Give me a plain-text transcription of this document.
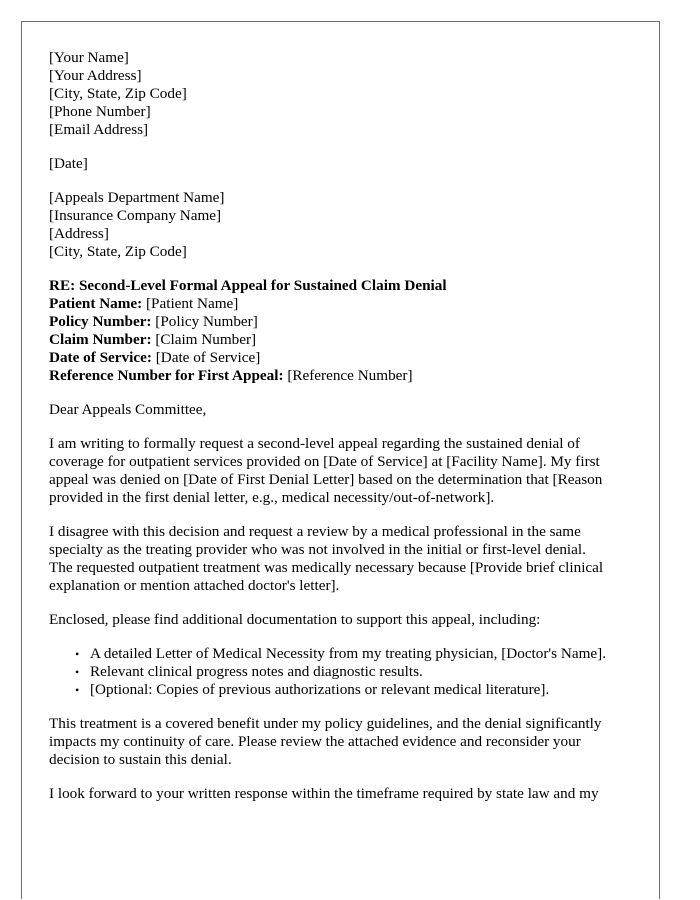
[Your Name]
[Your Address]
[City, State, Zip Code]
[Phone Number]
[Email Address]
[Date]
[Appeals Department Name]
[Insurance Company Name]
[Address]
[City, State, Zip Code]
RE: Second-Level Formal Appeal for Sustained Claim Denial
Patient Name: [Patient Name]
Policy Number: [Policy Number]
Claim Number: [Claim Number]
Date of Service: [Date of Service]
Reference Number for First Appeal: [Reference Number]

Dear Appeals Committee,

I am writing to formally request a second-level appeal regarding the sustained denial of
coverage for outpatient services provided on [Date of Service] at [Facility Name]. My first
appeal was denied on [Date of First Denial Letter] based on the determination that [Reason
provided in the first denial letter, e.g., medical necessity/out-of-network].
I disagree with this decision and request a review by a medical professional in the same
specialty as the treating provider who was not involved in the initial or first-level denial.
The requested outpatient treatment was medically necessary because [Provide brief clinical
explanation or mention attached doctor's letter].

Enclosed, please find additional documentation to support this appeal, including:

• A detailed Letter of Medical Necessity from my treating physician, [Doctor's Name].
• Relevant clinical progress notes and diagnostic results.
• [Optional: Copies of previous authorizations or relevant medical literature].
This treatment is a covered benefit under my policy guidelines, and the denial significantly
impacts my continuity of care. Please review the attached evidence and reconsider your
decision to sustain this denial.
I look forward to your written response within the timeframe required by state law and my
